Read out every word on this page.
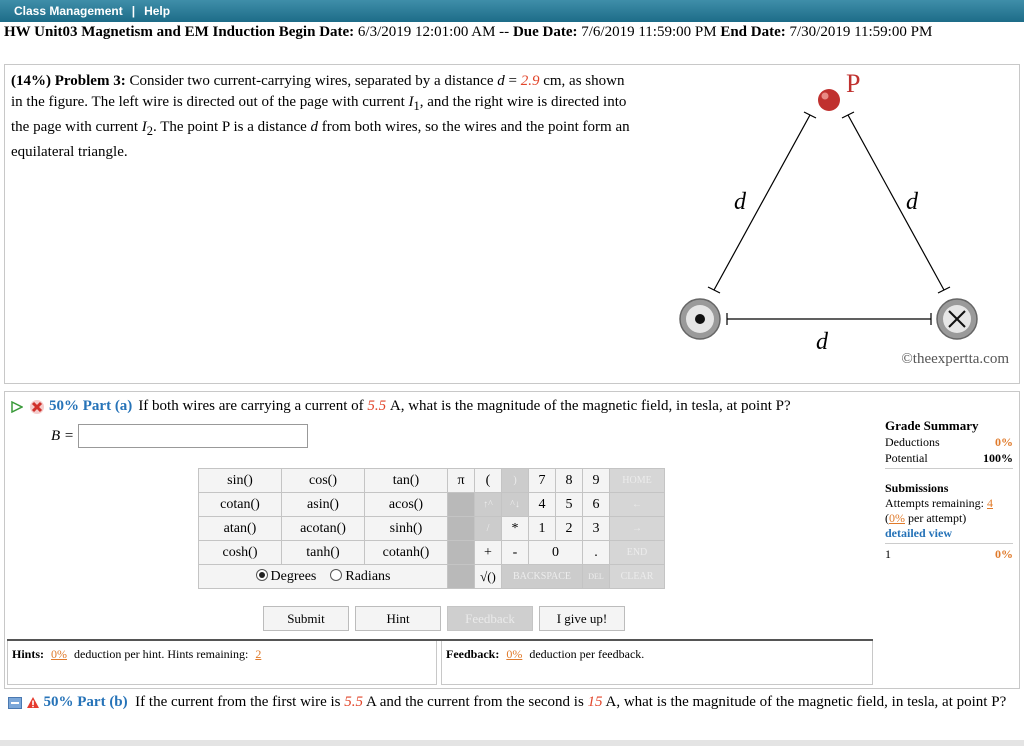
Class Management | Help
HW Unit03 Magnetism and EM Induction Begin Date: 6/3/2019 12:01:00 AM -- Due Date: 7/6/2019 11:59:00 PM End Date: 7/30/2019 11:59:00 PM
(14%) Problem 3: Consider two current-carrying wires, separated by a distance d = 2.9 cm, as shown in the figure. The left wire is directed out of the page with current $I_1$, and the right wire is directed into the page with current $I_2$. The point P is a distance d from both wires, so the wires and the point form an equilateral triangle.
P
d	d
d
©theexpertta.com
50% Part (a) If both wires are carrying a current of
5.5
A, what is the magnitude of the magnetic field, in tesla, at point P?
B =
sin()	cos()	tan()	π	(	)	7	8	9	HOME
cotan()	asin()	acos()		↑^	^↓	4	5	6	←
atan()	acotan()	sinh()		/	*	1	2	3	→
cosh()	tanh()	cotanh()		+	-	0		.	END
Degrees Radians				√()	BACKSPACE			DEL	CLEAR
Submit	Hint	Feedback	I give up!
Hints: 0% deduction per hint. Hints remaining: 2	Feedback: 0% deduction per feedback.
Grade Summary
Deductions	0%
Potential	100%
Submissions
Attempts remaining: 4
(0% per attempt)
detailed view
1	0%
50% Part (b) If the current from the first wire is 5.5 A and the current from the second is 15 A, what is the magnitude of the magnetic field, in tesla, at point P?
